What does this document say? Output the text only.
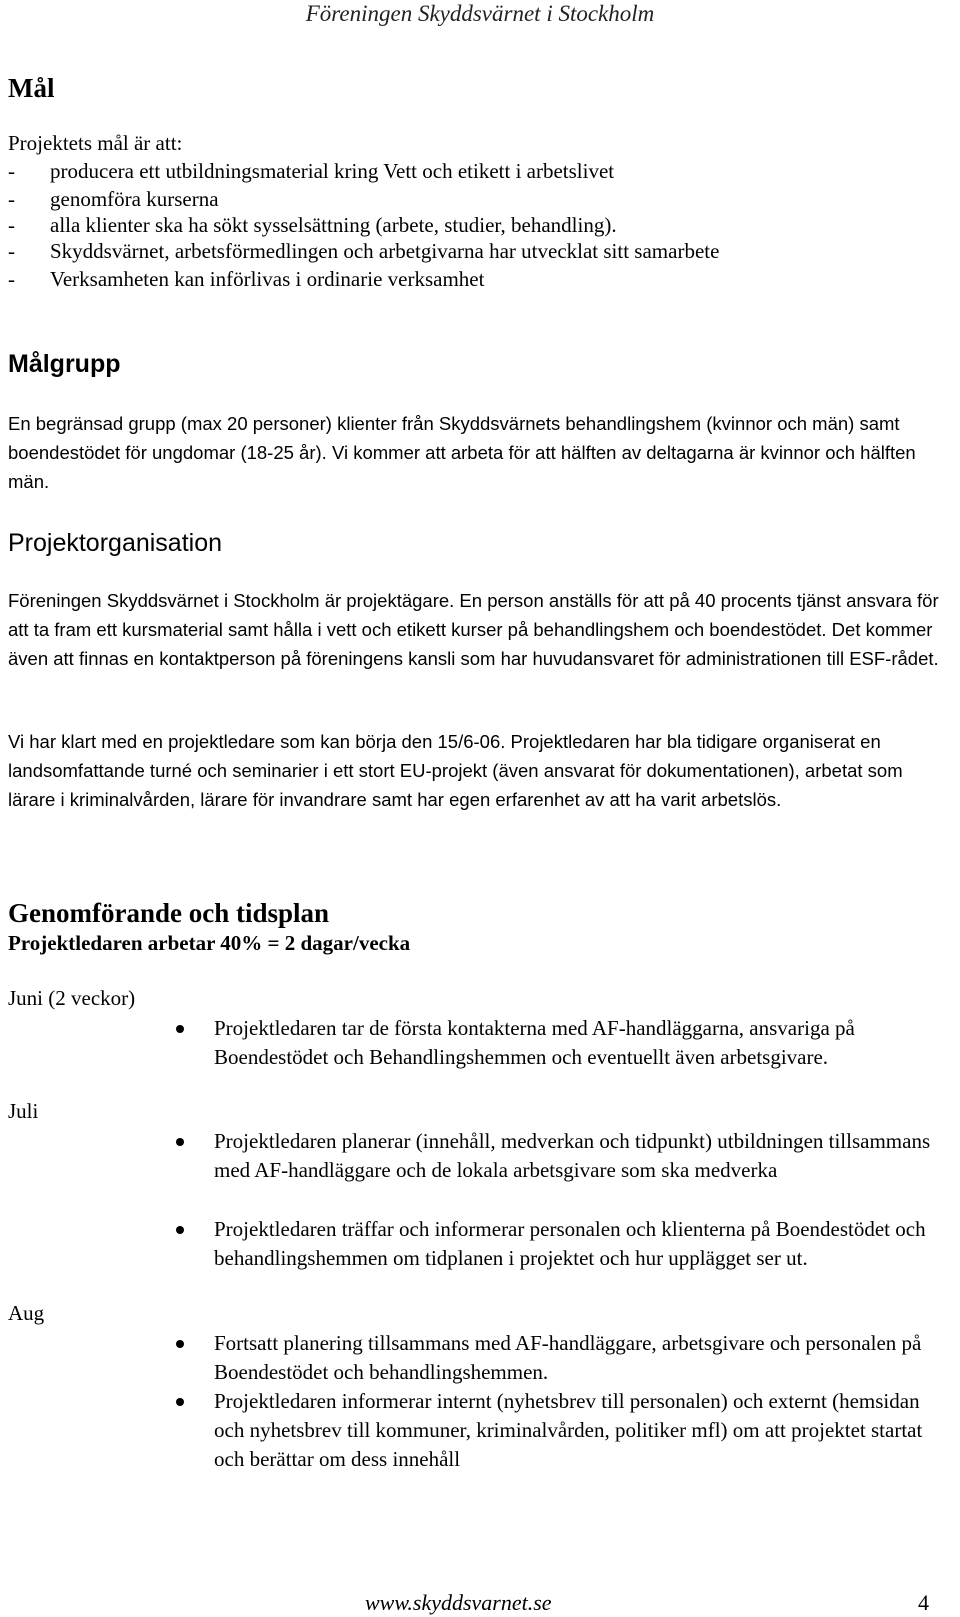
Föreningen Skyddsvärnet i Stockholm
Mål

Projektets mål är att:

- producera ett utbildningsmaterial kring Vett och etikett i arbetslivet
- genomföra kurserna
- alla klienter ska ha sökt sysselsättning (arbete, studier, behandling).
- Skyddsvärnet, arbetsförmedlingen och arbetgivarna har utvecklat sitt samarbete
- Verksamheten kan införlivas i ordinarie verksamhet
Målgrupp

En begränsad grupp (max 20 personer) klienter från Skyddsvärnets behandlingshem (kvinnor och män) samt boendestödet för ungdomar (18-25 år). Vi kommer att arbeta för att hälften av deltagarna är kvinnor och hälften män.

Projektorganisation

Föreningen Skyddsvärnet i Stockholm är projektägare. En person anställs för att på 40 procents tjänst ansvara för att ta fram ett kursmaterial samt hålla i vett och etikett kurser på behandlingshem och boendestödet. Det kommer även att finnas en kontaktperson på föreningens kansli som har huvudansvaret för administrationen till ESF-rådet.

Vi har klart med en projektledare som kan börja den 15/6-06. Projektledaren har bla tidigare organiserat en landsomfattande turné och seminarier i ett stort EU-projekt (även ansvarat för dokumentationen), arbetat som lärare i kriminalvården, lärare för invandrare samt har egen erfarenhet av att ha varit arbetslös.

Genomförande och tidsplan

Projektledaren arbetar 40% = 2 dagar/vecka

Juni (2 veckor)
Juli
Aug

Projektledaren tar de första kontakterna med AF-handläggarna, ansvariga på Boendestödet och Behandlingshemmen och eventuellt även arbetsgivare.

Projektledaren planerar (innehåll, medverkan och tidpunkt) utbildningen tillsammans med AF-handläggare och de lokala arbetsgivare som ska medverka

Projektledaren träffar och informerar personalen och klienterna på Boendestödet och behandlingshemmen om tidplanen i projektet och hur upplägget ser ut.

Fortsatt planering tillsammans med AF-handläggare, arbetsgivare och personalen på Boendestödet och behandlingshemmen.

Projektledaren informerar internt (nyhetsbrev till personalen) och externt (hemsidan och nyhetsbrev till kommuner, kriminalvården, politiker mfl) om att projektet startat och berättar om dess innehåll

www.skyddsvarnet.se	4
